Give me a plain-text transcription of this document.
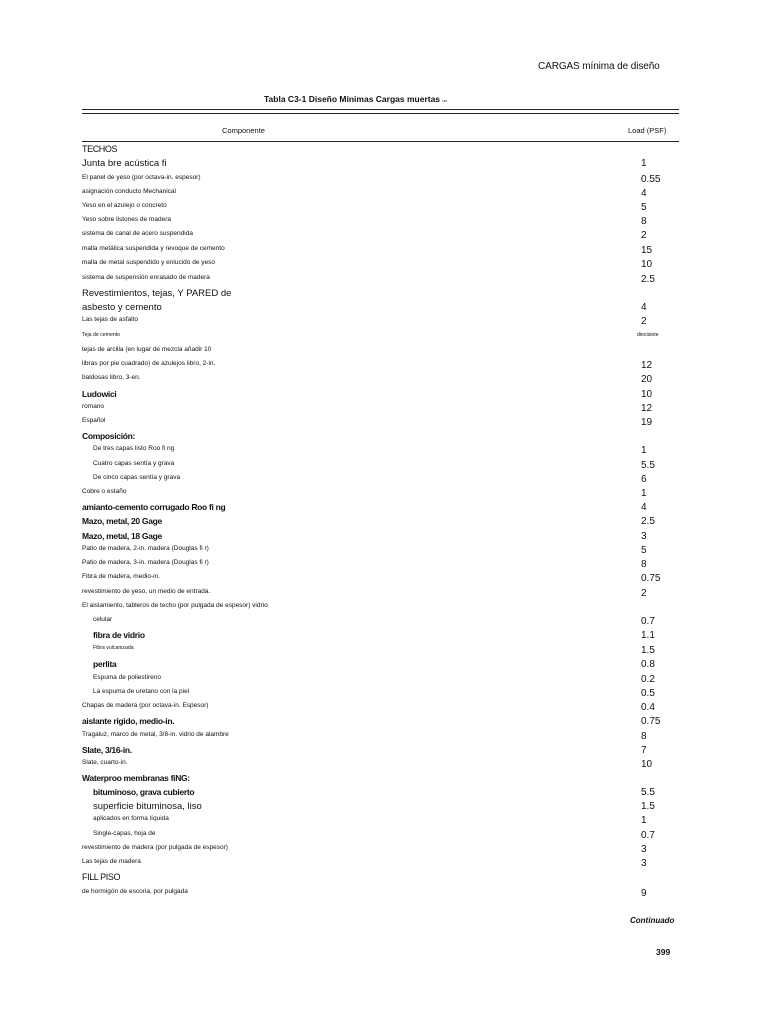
CARGAS mínima de diseño
Tabla C3-1 Diseño Mínimas Cargas muertas un
Componente	Load (PSF)
TECHOS
Junta bre acústica fi	1
El panel de yeso (por octava-in. espesor)	0.55
asignación conducto Mechanical	4
Yeso en el azulejo o concreto	5
Yeso sobre listones de madera	8
sistema de canal de acero suspendida	2
malla metálica suspendida y revoque de cemento	15
malla de metal suspendido y enlucido de yeso	10
sistema de suspensión enrasado de madera	2.5
Revestimientos, tejas, Y PARED de
asbesto y cemento	4
Las tejas de asfalto	2
Teja de cemento	diecisiete
tejas de arcilla (en lugar de mezcla añadir 10
libras por pie cuadrado) de azulejos libro, 2-in.	12
baldosas libro, 3-en.	20
Ludowici	10
romano	12
Español	19
Composición:
De tres capas listo Roo fi ng	1
Cuatro capas sentía y grava	5.5
De cinco capas sentía y grava	6
Cobre o estaño	1
amianto-cemento corrugado Roo fi ng	4
Mazo, metal, 20 Gage	2.5
Mazo, metal, 18 Gage	3
Patio de madera, 2-in. madera (Douglas fi r)	5
Patio de madera, 3-in. madera (Douglas fi r)	8
Fibra de madera, medio-in.	0.75
revestimiento de yeso, un medio de entrada.	2
El aislamiento, tableros de techo (por pulgada de espesor) vidrio
celular	0.7
fibra de vidrio	1.1
Fibra vulcanizada	1.5
perlita	0.8
Espuma de poliestireno	0.2
La espuma de uretano con la piel	0.5
Chapas de madera (por octava-in. Espesor)	0.4
aislante rígido, medio-in.	0.75
Tragaluz, marco de metal, 3/8-in. vidrio de alambre	8
Slate, 3/16-in.	7
Slate, cuarto-in.	10
Waterproo membranas fiNG:
bituminoso, grava cubierto	5.5
superficie bituminosa, liso	1.5
aplicados en forma líquida	1
Single-capas, hoja de	0.7
revestimiento de madera (por pulgada de espesor)	3
Las tejas de madera	3
FILL PISO
de hormigón de escoria, por pulgada	9
Continuado
399
